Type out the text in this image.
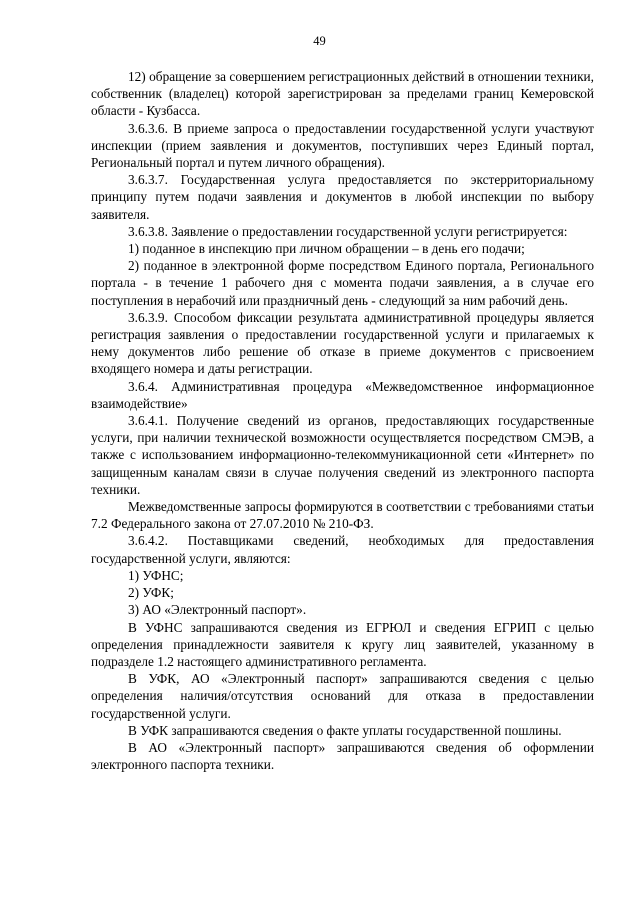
49

12) обращение за совершением регистрационных действий в отношении техники, собственник (владелец) которой зарегистрирован за пределами границ Кемеровской области - Кузбасса.

3.6.3.6. В приеме запроса о предоставлении государственной услуги участвуют инспекции (прием заявления и документов, поступивших через Единый портал, Региональный портал и путем личного обращения).

3.6.3.7. Государственная услуга предоставляется по экстерриториальному принципу путем подачи заявления и документов в любой инспекции по выбору заявителя.

3.6.3.8. Заявление о предоставлении государственной услуги регистрируется:

1) поданное в инспекцию при личном обращении – в день его подачи;

2) поданное в электронной форме посредством Единого портала, Регионального портала - в течение 1 рабочего дня с момента подачи заявления, а в случае его поступления в нерабочий или праздничный день - следующий за ним рабочий день.

3.6.3.9. Способом фиксации результата административной процедуры является регистрация заявления о предоставлении государственной услуги и прилагаемых к нему документов либо решение об отказе в приеме документов с присвоением входящего номера и даты регистрации.

3.6.4. Административная процедура «Межведомственное информационное взаимодействие»

3.6.4.1. Получение сведений из органов, предоставляющих государственные услуги, при наличии технической возможности осуществляется посредством СМЭВ, а также с использованием информационно-телекоммуникационной сети «Интернет» по защищенным каналам связи в случае получения сведений из электронного паспорта техники.

Межведомственные запросы формируются в соответствии с требованиями статьи 7.2 Федерального закона от 27.07.2010 № 210-ФЗ.

3.6.4.2. Поставщиками сведений, необходимых для предоставления государственной услуги, являются:

1) УФНС;

2) УФК;

3) АО «Электронный паспорт».

В УФНС запрашиваются сведения из ЕГРЮЛ и сведения ЕГРИП с целью определения принадлежности заявителя к кругу лиц заявителей, указанному в подразделе 1.2 настоящего административного регламента.

В УФК, АО «Электронный паспорт» запрашиваются сведения с целью определения наличия/отсутствия оснований для отказа в предоставлении государственной услуги.

В УФК запрашиваются сведения о факте уплаты государственной пошлины.

В АО «Электронный паспорт» запрашиваются сведения об оформлении электронного паспорта техники.
